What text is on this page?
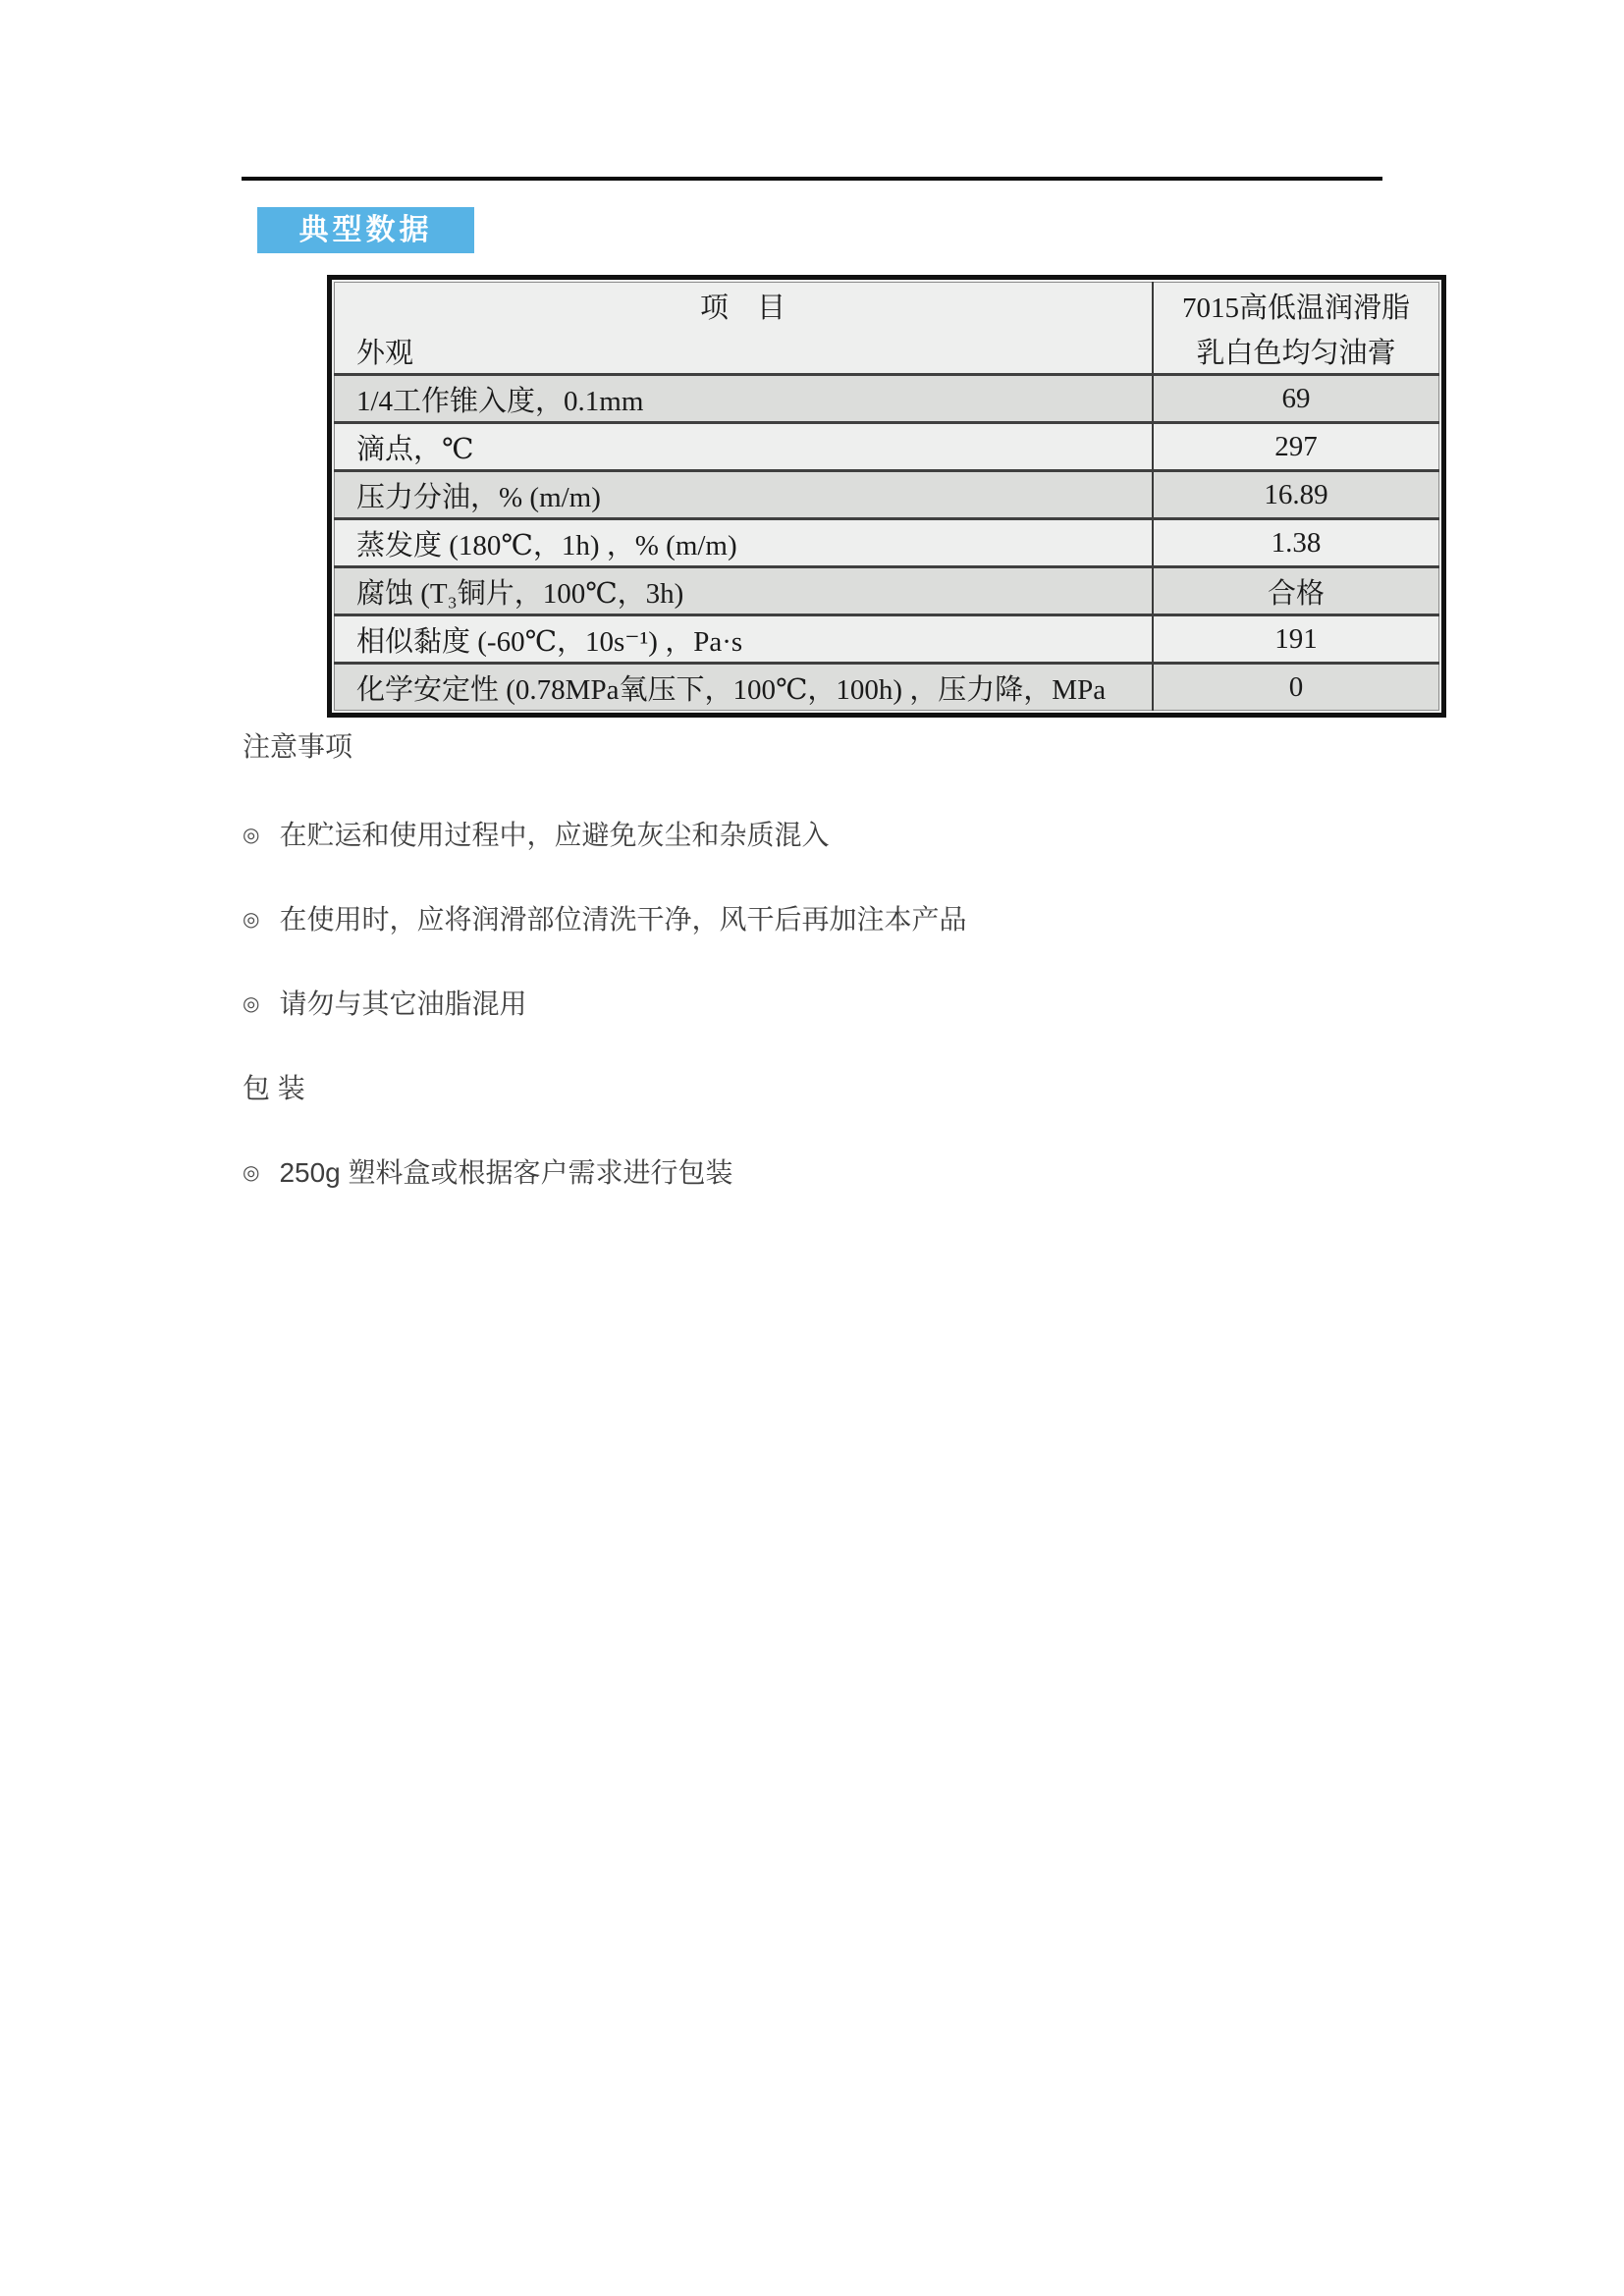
典型数据
项　目	7015高低温润滑脂
外观	乳白色均匀油膏
1/4工作锥入度，0.1mm	69
滴点，℃	297
压力分油，% (m/m)	16.89
蒸发度 (180℃，1h) ，% (m/m)	1.38
腐蚀 (T₃铜片，100℃，3h)	合格
相似黏度 (-60℃，10s⁻¹) ，Pa·s	191
化学安定性 (0.78MPa氧压下，100℃，100h) ，压力降，MPa	0
注意事项
◎ 在贮运和使用过程中，应避免灰尘和杂质混入
◎ 在使用时，应将润滑部位清洗干净，风干后再加注本产品
◎ 请勿与其它油脂混用
包 装
◎ 250g 塑料盒或根据客户需求进行包装
